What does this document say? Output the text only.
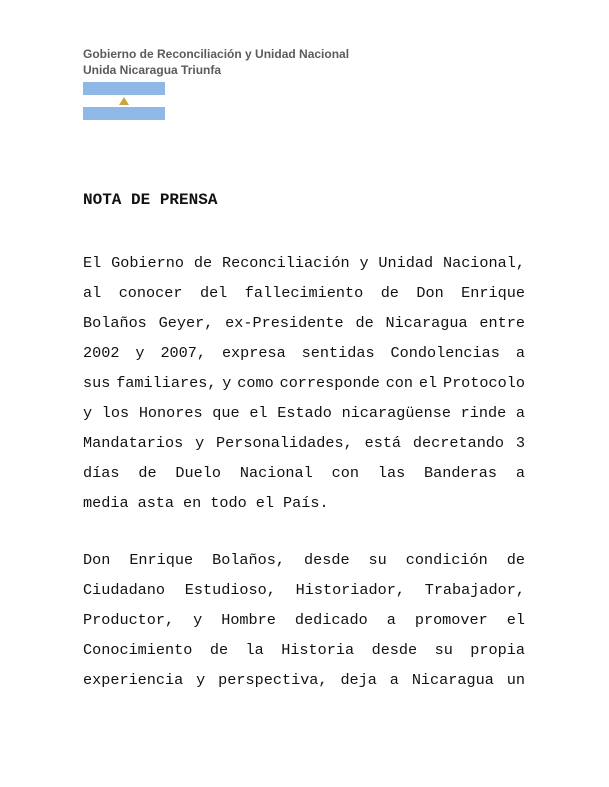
Gobierno de Reconciliación y Unidad Nacional
Unida Nicaragua Triunfa
NOTA DE PRENSA
El Gobierno de Reconciliación y Unidad Nacional,
al conocer del fallecimiento de Don Enrique
Bolaños Geyer, ex-Presidente de Nicaragua entre
2002 y 2007, expresa sentidas Condolencias a
sus familiares, y como corresponde con el Protocolo
y los Honores que el Estado nicaragüense rinde a
Mandatarios y Personalidades, está decretando 3
días de Duelo Nacional con las Banderas a
media asta en todo el País.
Don Enrique Bolaños, desde su condición de
Ciudadano Estudioso, Historiador, Trabajador,
Productor, y Hombre dedicado a promover el
Conocimiento de la Historia desde su propia
experiencia y perspectiva, deja a Nicaragua un
